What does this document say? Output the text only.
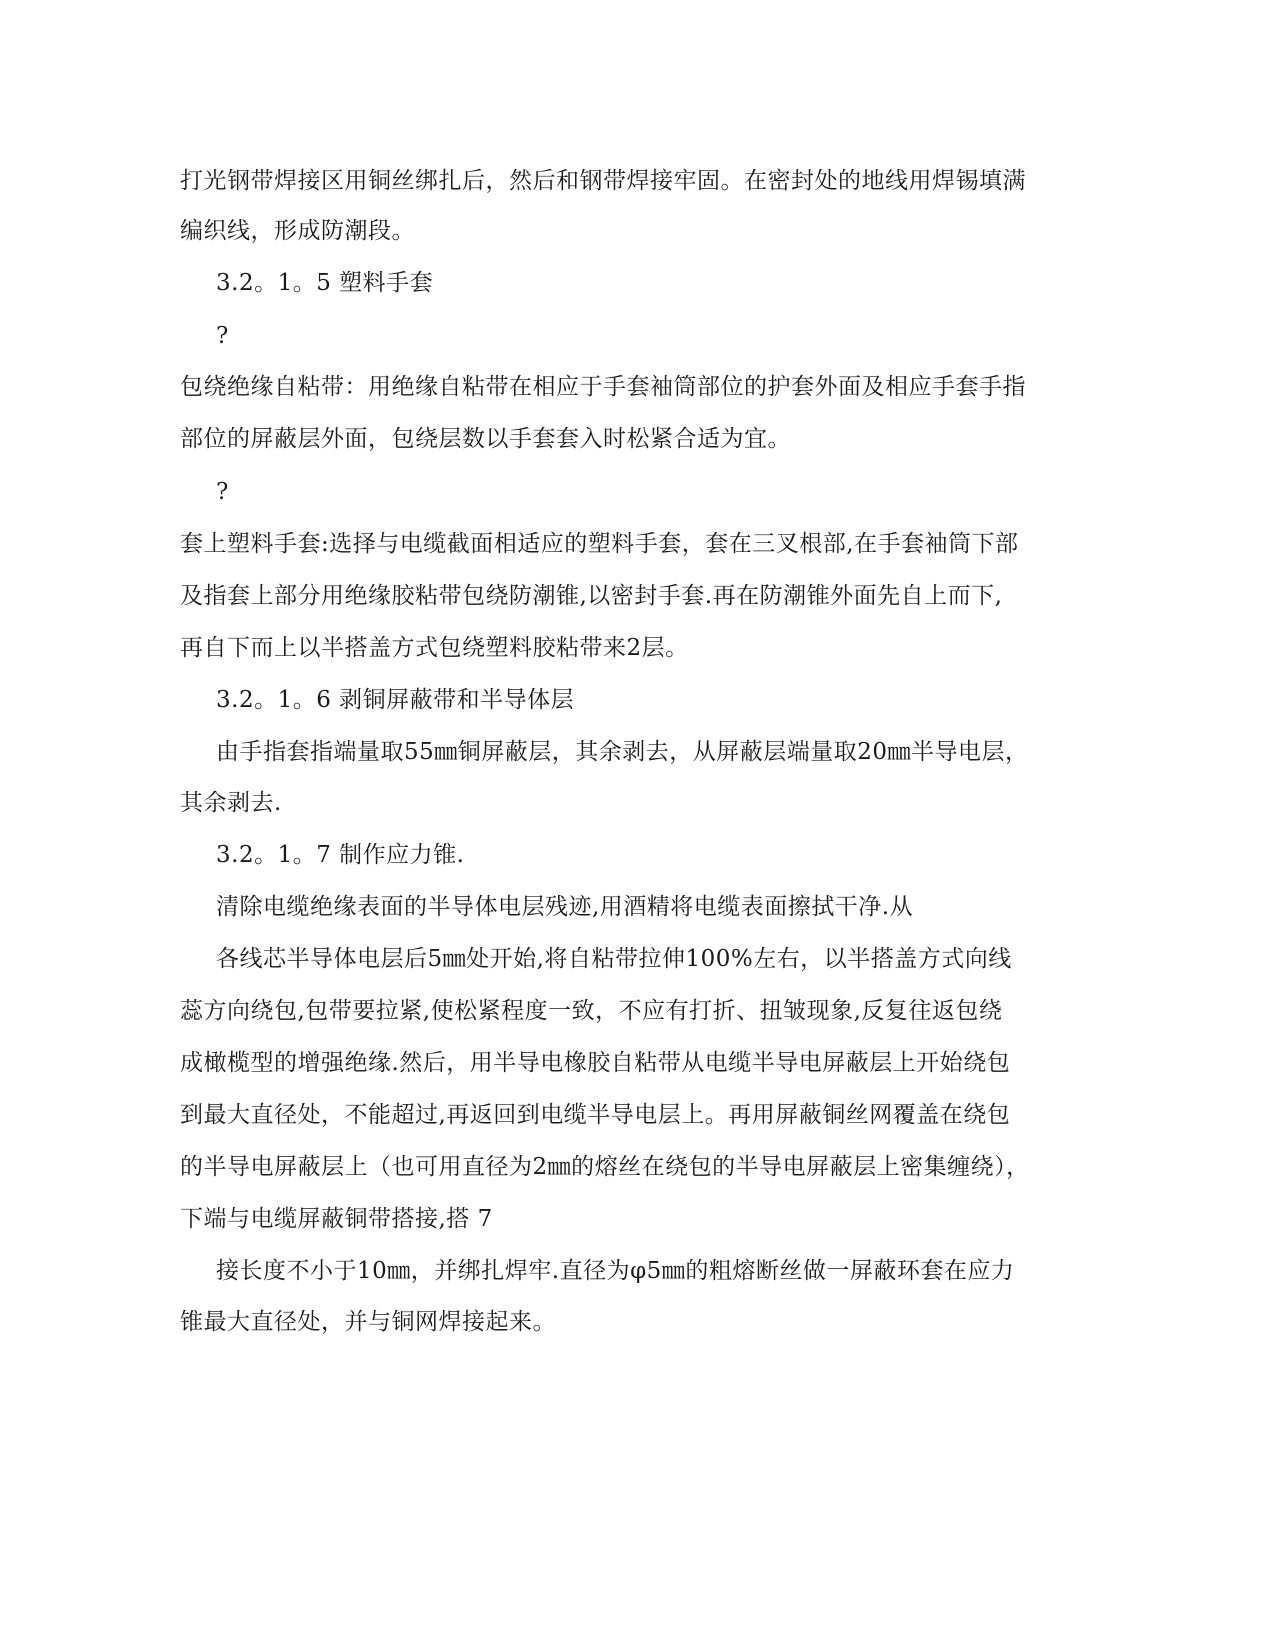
打光钢带焊接区用铜丝绑扎后，然后和钢带焊接牢固。在密封处的地线用焊锡填满
编织线，形成防潮段。
3.2。1。5 塑料手套
?
包绕绝缘自粘带：用绝缘自粘带在相应于手套袖筒部位的护套外面及相应手套手指
部位的屏蔽层外面，包绕层数以手套套入时松紧合适为宜。
?
套上塑料手套:选择与电缆截面相适应的塑料手套，套在三叉根部,在手套袖筒下部
及指套上部分用绝缘胶粘带包绕防潮锥,以密封手套.再在防潮锥外面先自上而下,
再自下而上以半搭盖方式包绕塑料胶粘带来2层。
3.2。1。6 剥铜屏蔽带和半导体层
由手指套指端量取55㎜铜屏蔽层，其余剥去，从屏蔽层端量取20㎜半导电层，
其余剥去.
3.2。1。7 制作应力锥.
清除电缆绝缘表面的半导体电层残迹,用酒精将电缆表面擦拭干净.从
各线芯半导体电层后5㎜处开始,将自粘带拉伸100%左右，以半搭盖方式向线
蕊方向绕包,包带要拉紧,使松紧程度一致，不应有打折、扭皱现象,反复往返包绕
成橄榄型的增强绝缘.然后，用半导电橡胶自粘带从电缆半导电屏蔽层上开始绕包
到最大直径处，不能超过,再返回到电缆半导电层上。再用屏蔽铜丝网覆盖在绕包
的半导电屏蔽层上（也可用直径为2㎜的熔丝在绕包的半导电屏蔽层上密集缠绕），
下端与电缆屏蔽铜带搭接,搭 7
接长度不小于10㎜，并绑扎焊牢.直径为φ5㎜的粗熔断丝做一屏蔽环套在应力
锥最大直径处，并与铜网焊接起来。
